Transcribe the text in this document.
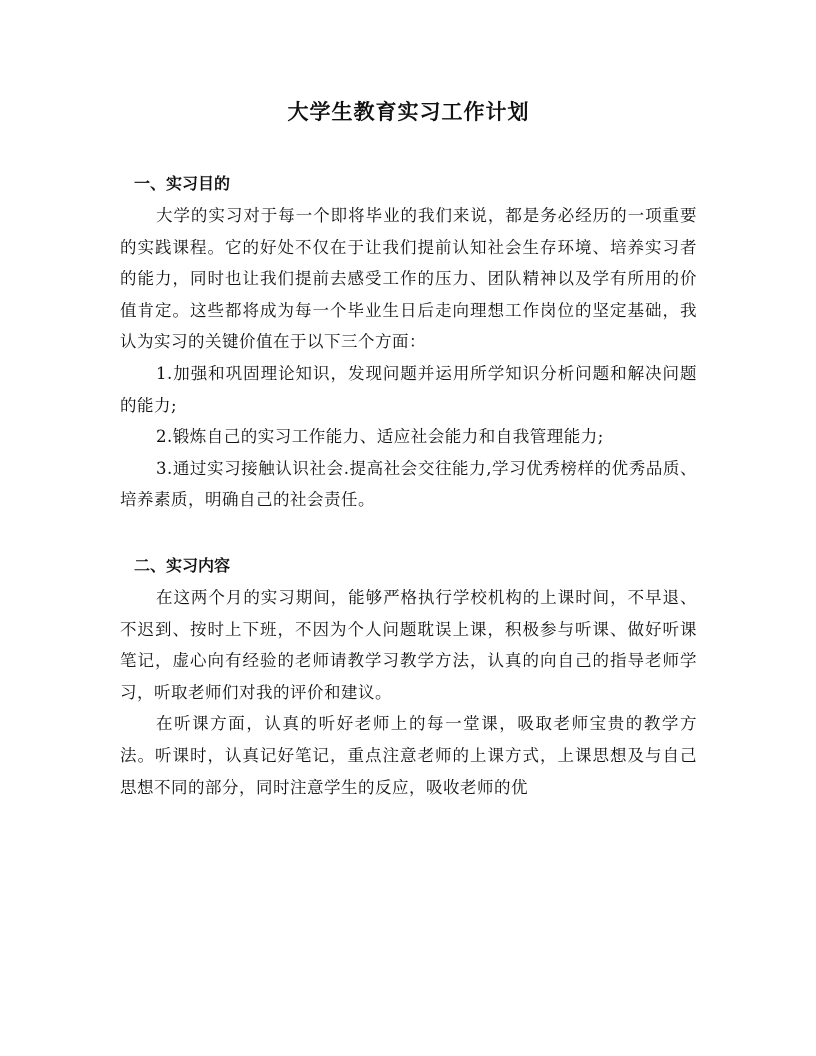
大学生教育实习工作计划
一、实习目的

大学的实习对于每一个即将毕业的我们来说，都是务必经历的一项重要的实践课程。它的好处不仅在于让我们提前认知社会生存环境、培养实习者的能力，同时也让我们提前去感受工作的压力、团队精神以及学有所用的价值肯定。这些都将成为每一个毕业生日后走向理想工作岗位的坚定基础，我认为实习的关键价值在于以下三个方面：

1.加强和巩固理论知识，发现问题并运用所学知识分析问题和解决问题的能力;

2.锻炼自己的实习工作能力、适应社会能力和自我管理能力;

3.通过实习接触认识社会.提高社会交往能力,学习优秀榜样的优秀品质、培养素质，明确自己的社会责任。

二、实习内容

在这两个月的实习期间，能够严格执行学校机构的上课时间，不早退、不迟到、按时上下班，不因为个人问题耽误上课，积极参与听课、做好听课笔记，虚心向有经验的老师请教学习教学方法，认真的向自己的指导老师学习，听取老师们对我的评价和建议。

在听课方面，认真的听好老师上的每一堂课，吸取老师宝贵的教学方法。听课时，认真记好笔记，重点注意老师的上课方式，上课思想及与自己思想不同的部分，同时注意学生的反应，吸收老师的优
